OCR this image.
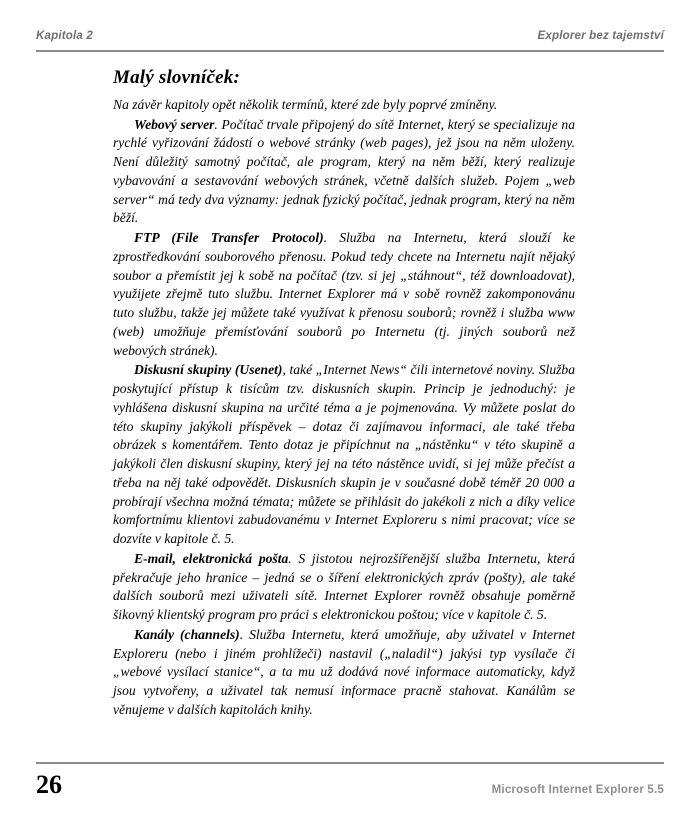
Kapitola 2	Explorer bez tajemství
Malý slovníček:

Na závěr kapitoly opět několik termínů, které zde byly poprvé zmíněny.

Webový server. Počítač trvale připojený do sítě Internet, který se specializuje na rychlé vyřizování žádostí o webové stránky (web pages), jež jsou na něm uloženy. Není důležitý samotný počítač, ale program, který na něm běží, který realizuje vybavování a sestavování webových stránek, včetně dalších služeb. Pojem „web server“ má tedy dva významy: jednak fyzický počítač, jednak program, který na něm běží.

FTP (File Transfer Protocol). Služba na Internetu, která slouží ke zprostředkování souborového přenosu. Pokud tedy chcete na Internetu najít nějaký soubor a přemístit jej k sobě na počítač (tzv. si jej „stáhnout“, též downloadovat), využijete zřejmě tuto službu. Internet Explorer má v sobě rovněž zakomponovánu tuto službu, takže jej můžete také využívat k přenosu souborů; rovněž i služba www (web) umožňuje přemísťování souborů po Internetu (tj. jiných souborů než webových stránek).

Diskusní skupiny (Usenet), také „Internet News“ čili internetové noviny. Služba poskytující přístup k tisícům tzv. diskusních skupin. Princip je jednoduchý: je vyhlášena diskusní skupina na určité téma a je pojmenována. Vy můžete poslat do této skupiny jakýkoli příspěvek – dotaz či zajímavou informaci, ale také třeba obrázek s komentářem. Tento dotaz je připíchnut na „nástěnku“ v této skupině a jakýkoli člen diskusní skupiny, který jej na této nástěnce uvidí, si jej může přečíst a třeba na něj také odpovědět. Diskusních skupin je v současné době téměř 20 000 a probírají všechna možná témata; můžete se přihlásit do jakékoli z nich a díky velice komfortnímu klientovi zabudovanému v Internet Exploreru s nimi pracovat; více se dozvíte v kapitole č. 5.

E-mail, elektronická pošta. S jistotou nejrozšířenější služba Internetu, která překračuje jeho hranice – jedná se o šíření elektronických zpráv (pošty), ale také dalších souborů mezi uživateli sítě. Internet Explorer rovněž obsahuje poměrně šikovný klientský program pro práci s elektronickou poštou; více v kapitole č. 5.

Kanály (channels). Služba Internetu, která umožňuje, aby uživatel v Internet Exploreru (nebo i jiném prohlížeči) nastavil („naladil“) jakýsi typ vysílače či „webové vysílací stanice“, a ta mu už dodává nové informace automaticky, když jsou vytvořeny, a uživatel tak nemusí informace pracně stahovat. Kanálům se věnujeme v dalších kapitolách knihy.

26	Microsoft Internet Explorer 5.5
